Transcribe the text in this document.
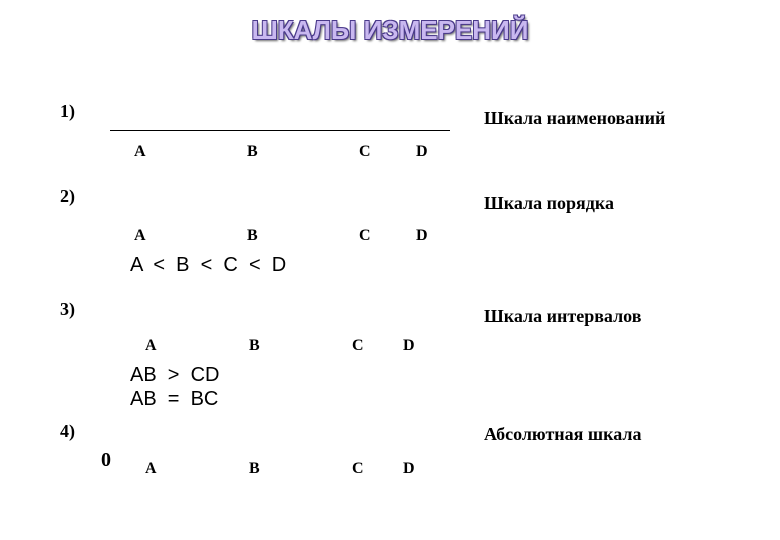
ШКАЛЫ ИЗМЕРЕНИЙ
1)	Шкала наименований
A	B	C	D
2)	Шкала порядка
A	B	C	D
A  <  B  <  C  <  D
3)	Шкала интервалов
A	B	C D
AB  >  CD
AB  =  BC
4)	Абсолютная шкала
0 A	B	C D
